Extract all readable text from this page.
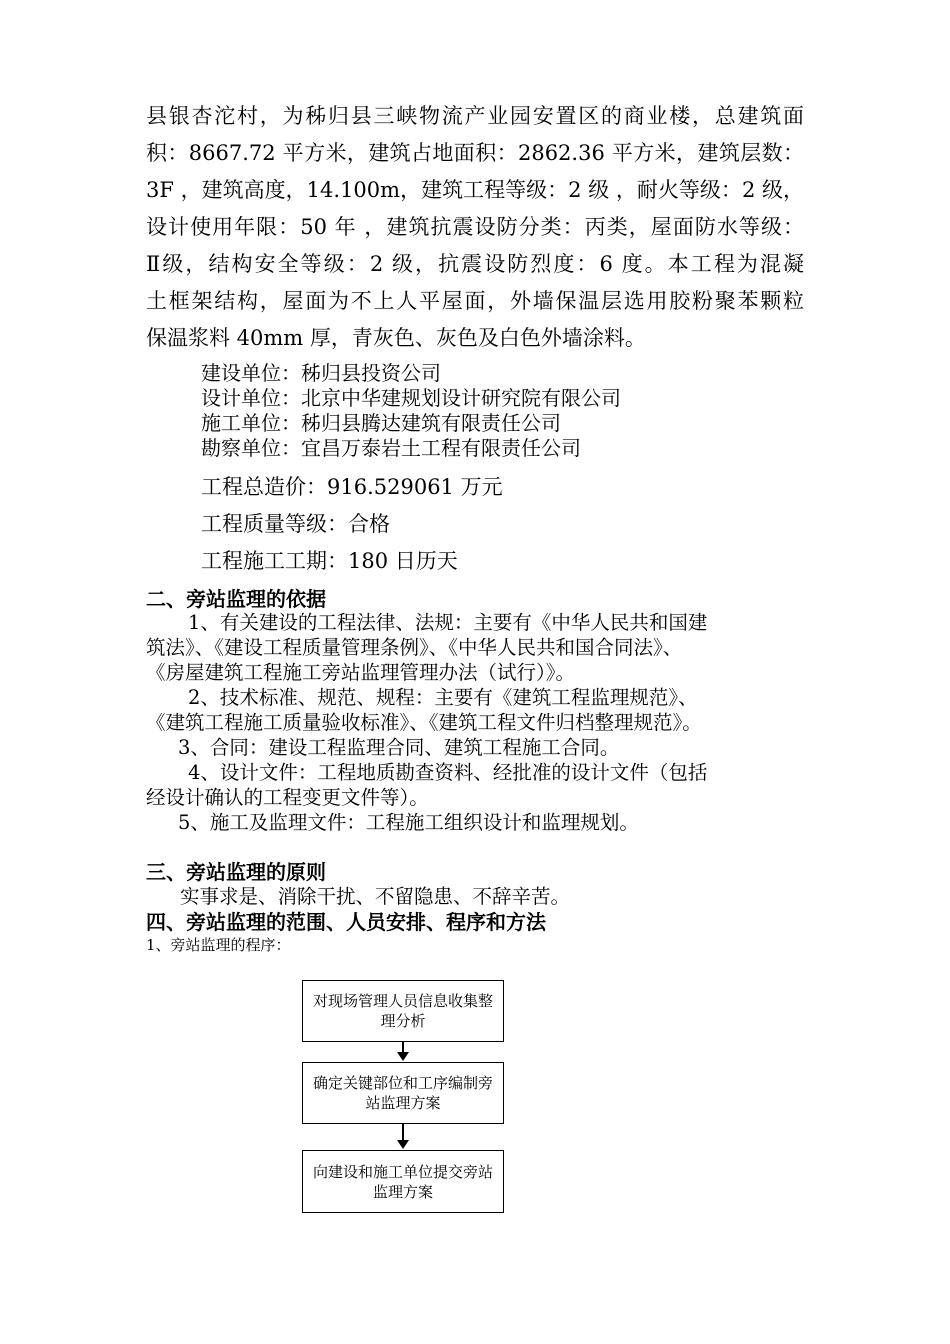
县银杏沱村，为秭归县三峡物流产业园安置区的商业楼，总建筑面
积：8667.72 平方米，建筑占地面积：2862.36 平方米，建筑层数：
3F ，建筑高度，14.100m，建筑工程等级：2 级 ，耐火等级：2 级，
设计使用年限：50 年 ，建筑抗震设防分类：丙类，屋面防水等级：
Ⅱ级，结构安全等级：2 级，抗震设防烈度：6 度。本工程为混凝
土框架结构，屋面为不上人平屋面，外墙保温层选用胶粉聚苯颗粒
保温浆料 40mm 厚，青灰色、灰色及白色外墙涂料。
建设单位：秭归县投资公司
设计单位：北京中华建规划设计研究院有限公司
施工单位：秭归县腾达建筑有限责任公司
勘察单位：宜昌万泰岩土工程有限责任公司
工程总造价：916.529061 万元
工程质量等级：合格
工程施工工期：180 日历天
二、旁站监理的依据
1、有关建设的工程法律、法规：主要有《中华人民共和国建
筑法》、《建设工程质量管理条例》、《中华人民共和国合同法》、
《房屋建筑工程施工旁站监理管理办法（试行）》。
2、技术标准、规范、规程：主要有《建筑工程监理规范》、
《建筑工程施工质量验收标准》、《建筑工程文件归档整理规范》。
3、合同：建设工程监理合同、建筑工程施工合同。
4、设计文件：工程地质勘查资料、经批准的设计文件（包括
经设计确认的工程变更文件等）。
5、施工及监理文件：工程施工组织设计和监理规划。
三、旁站监理的原则
实事求是、消除干扰、不留隐患、不辞辛苦。
四、旁站监理的范围、人员安排、程序和方法
1、旁站监理的程序：
对现场管理人员信息收集整理分析
确定关键部位和工序编制旁站监理方案
向建设和施工单位提交旁站监理方案
